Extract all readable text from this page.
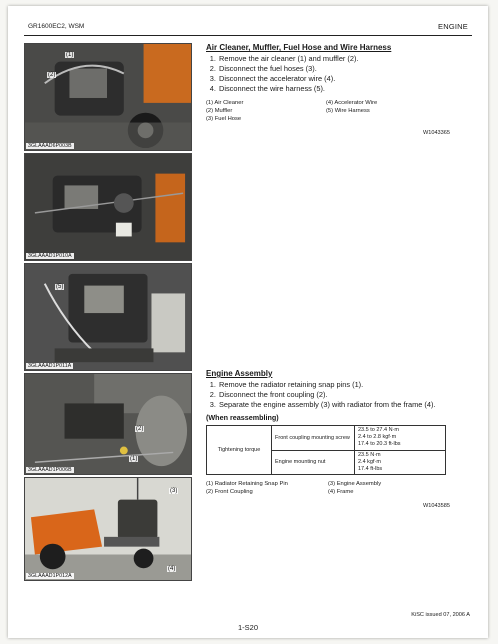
GR1600EC2, WSM	ENGINE
(1)
(2)
3GLAAAD6P003B
3GLAAAD1P010A
(5)
3GLAAAD1P011A
(2)
(1)
3GLAAAD1P006B
(3)
(4)
3GLAAAD1P012A
Air Cleaner, Muffler, Fuel Hose and Wire Harness
1. Remove the air cleaner (1) and muffler (2).
2. Disconnect the fuel hoses (3).
3. Disconnect the accelerator wire (4).
4. Disconnect the wire harness (5).
(1) Air Cleaner	(4) Accelerator Wire
(2) Muffler	(5) Wire Harness
(3) Fuel Hose
W1043365
Engine Assembly
1. Remove the radiator retaining snap pins (1).
2. Disconnect the front coupling (2).
3. Separate the engine assembly (3) with radiator from the frame (4).
(When reassembling)
Tightening torque	Front coupling mounting screw	23.5 to 27.4 N·m
2.4 to 2.8 kgf·m
17.4 to 20.3 ft-lbs

	Engine mounting nut	23.5 N·m
2.4 kgf·m
17.4 ft-lbs
(1) Radiator Retaining Snap Pin	(3) Engine Assembly
(2) Front Coupling	(4) Frame
W1043585
KiSC issued 07, 2006 A
1-S20
